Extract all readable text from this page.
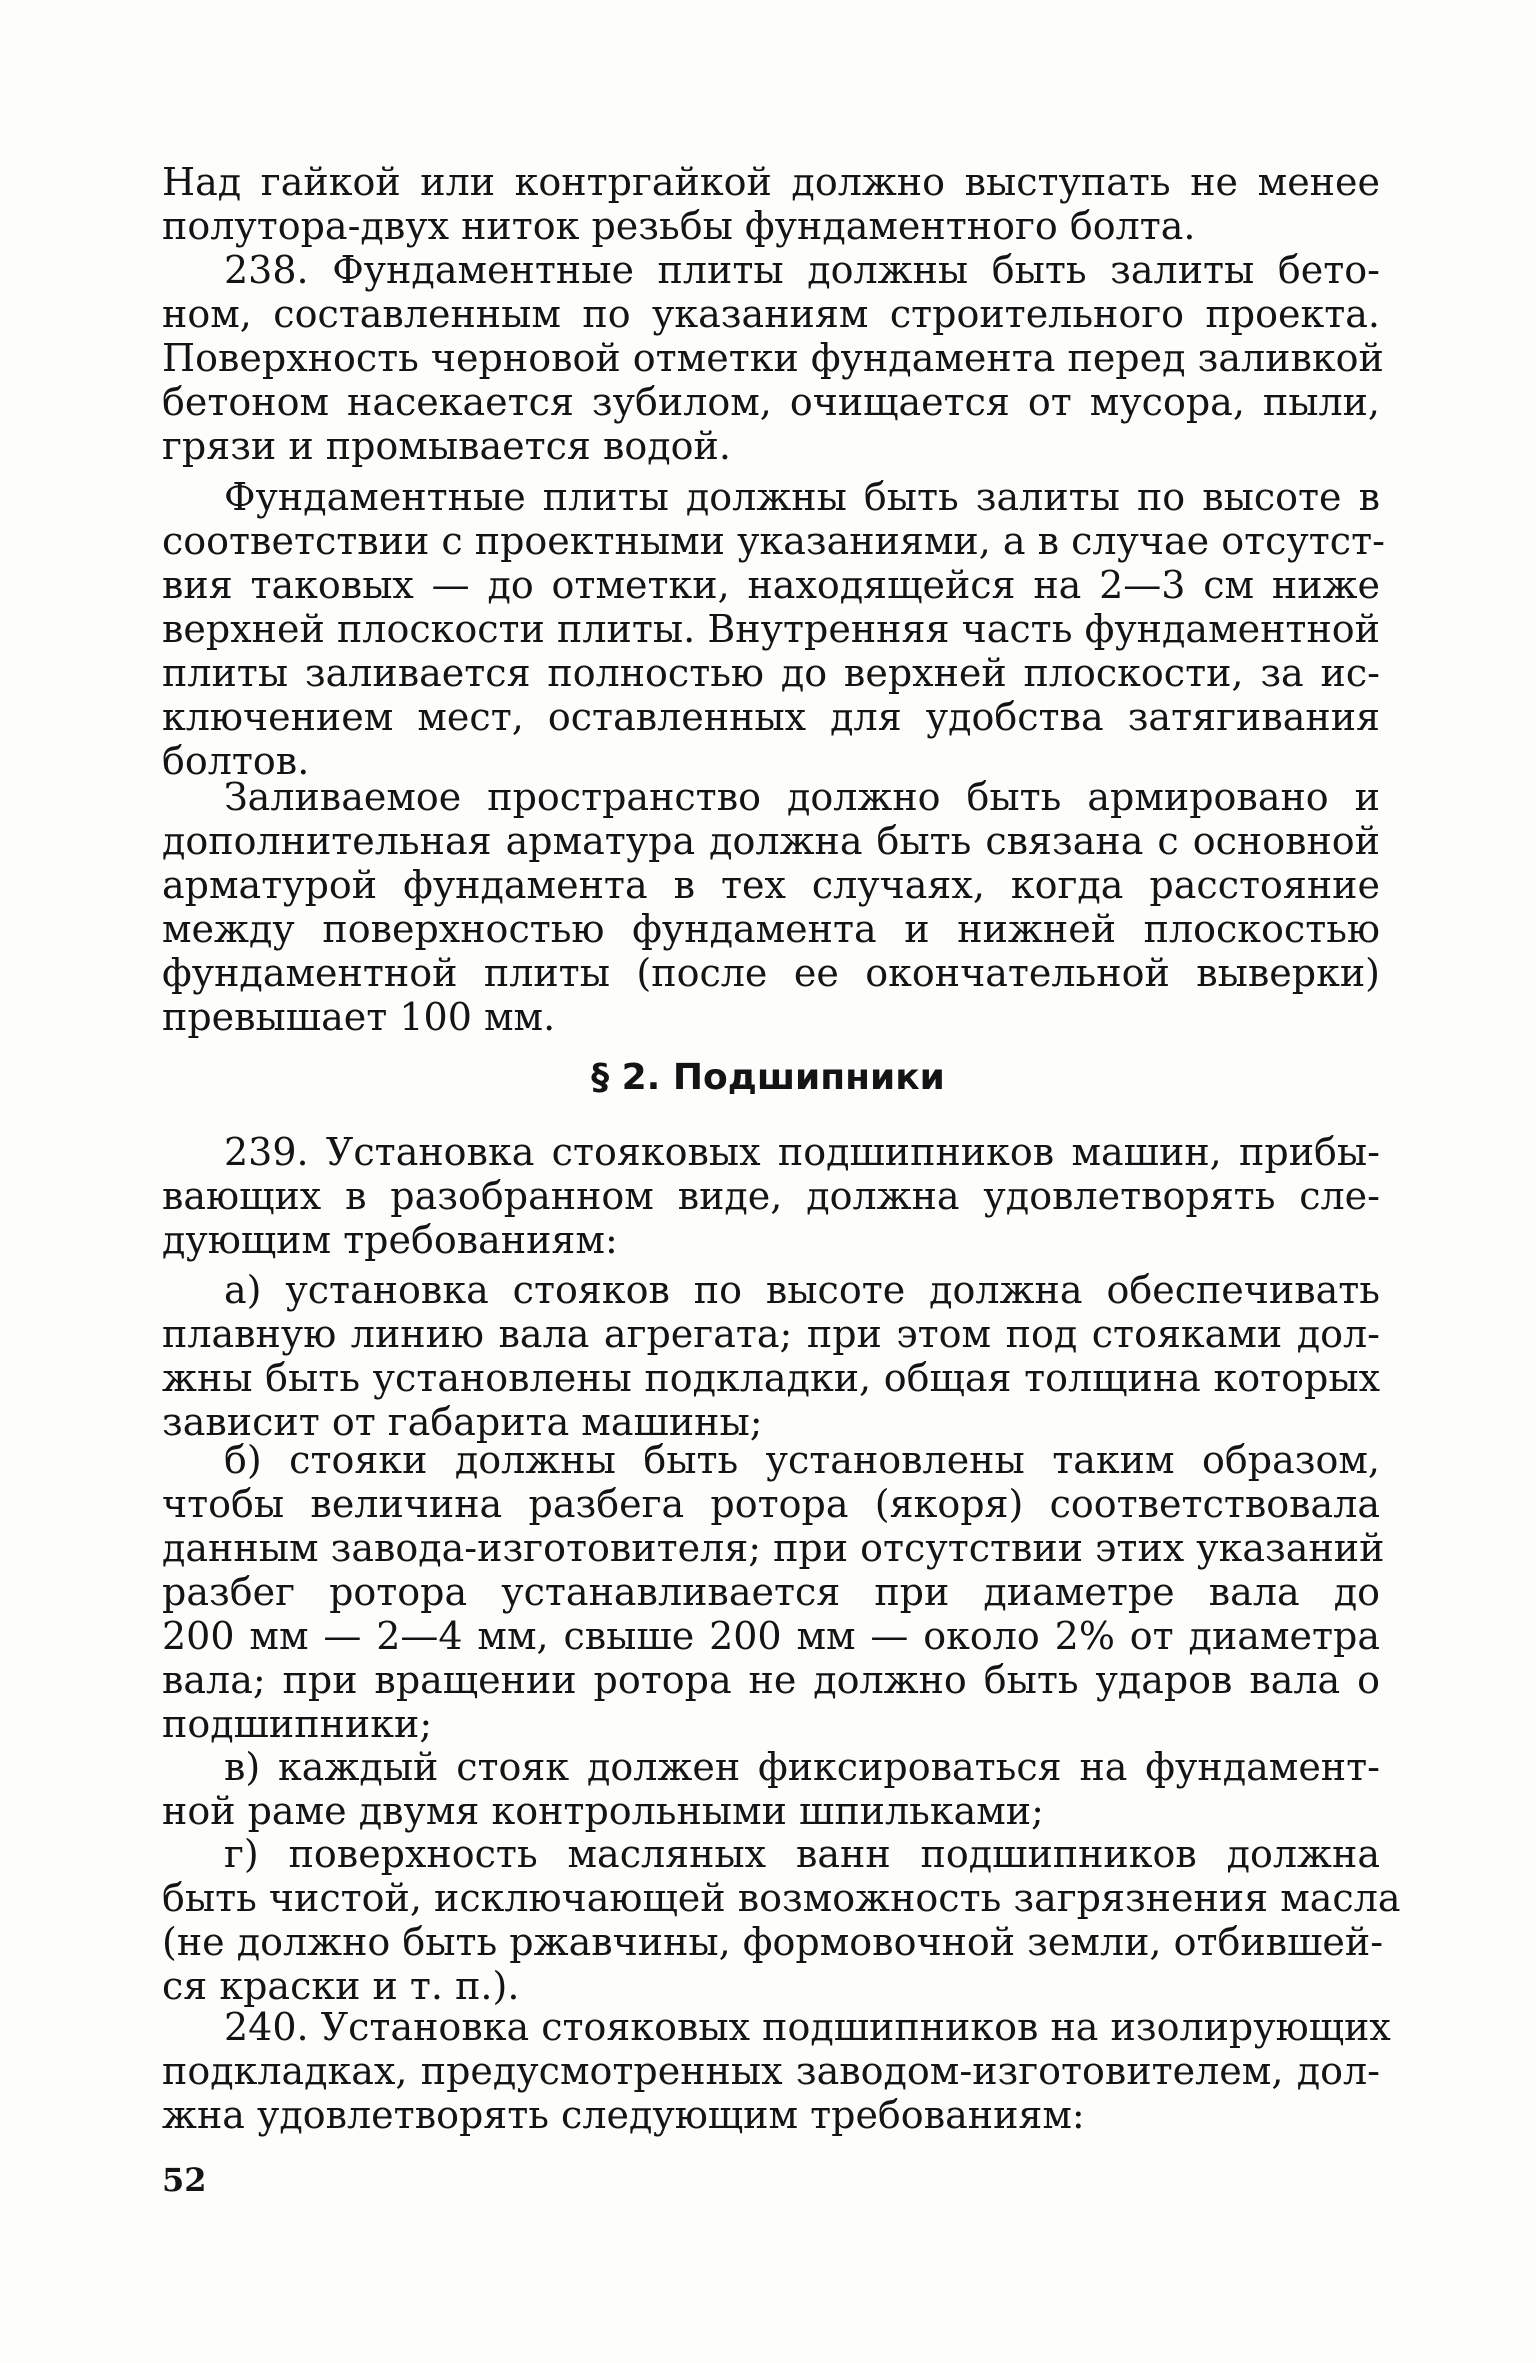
Над гайкой или контргайкой должно выступать не менее
полутора-двух ниток резьбы фундаментного болта.
238. Фундаментные плиты должны быть залиты бето-
ном, составленным по указаниям строительного проекта.
Поверхность черновой отметки фундамента перед заливкой
бетоном насекается зубилом, очищается от мусора, пыли,
грязи и промывается водой.
Фундаментные плиты должны быть залиты по высоте в
соответствии с проектными указаниями, а в случае отсутст-
вия таковых — до отметки, находящейся на 2—3 см ниже
верхней плоскости плиты. Внутренняя часть фундаментной
плиты заливается полностью до верхней плоскости, за ис-
ключением мест, оставленных для удобства затягивания
болтов.
Заливаемое пространство должно быть армировано и
дополнительная арматура должна быть связана с основной
арматурой фундамента в тех случаях, когда расстояние
между поверхностью фундамента и нижней плоскостью
фундаментной плиты (после ее окончательной выверки)
превышает 100 мм.
§ 2. Подшипники
239. Установка стояковых подшипников машин, прибы-
вающих в разобранном виде, должна удовлетворять сле-
дующим требованиям:
а) установка стояков по высоте должна обеспечивать
плавную линию вала агрегата; при этом под стояками дол-
жны быть установлены подкладки, общая толщина которых
зависит от габарита машины;
б) стояки должны быть установлены таким образом,
чтобы величина разбега ротора (якоря) соответствовала
данным завода-изготовителя; при отсутствии этих указаний
разбег ротора устанавливается при диаметре вала до
200 мм — 2—4 мм, свыше 200 мм — около 2% от диаметра
вала; при вращении ротора не должно быть ударов вала о
подшипники;
в) каждый стояк должен фиксироваться на фундамент-
ной раме двумя контрольными шпильками;
г) поверхность масляных ванн подшипников должна
быть чистой, исключающей возможность загрязнения масла
(не должно быть ржавчины, формовочной земли, отбившей-
ся краски и т. п.).
240. Установка стояковых подшипников на изолирующих
подкладках, предусмотренных заводом-изготовителем, дол-
жна удовлетворять следующим требованиям:
52
